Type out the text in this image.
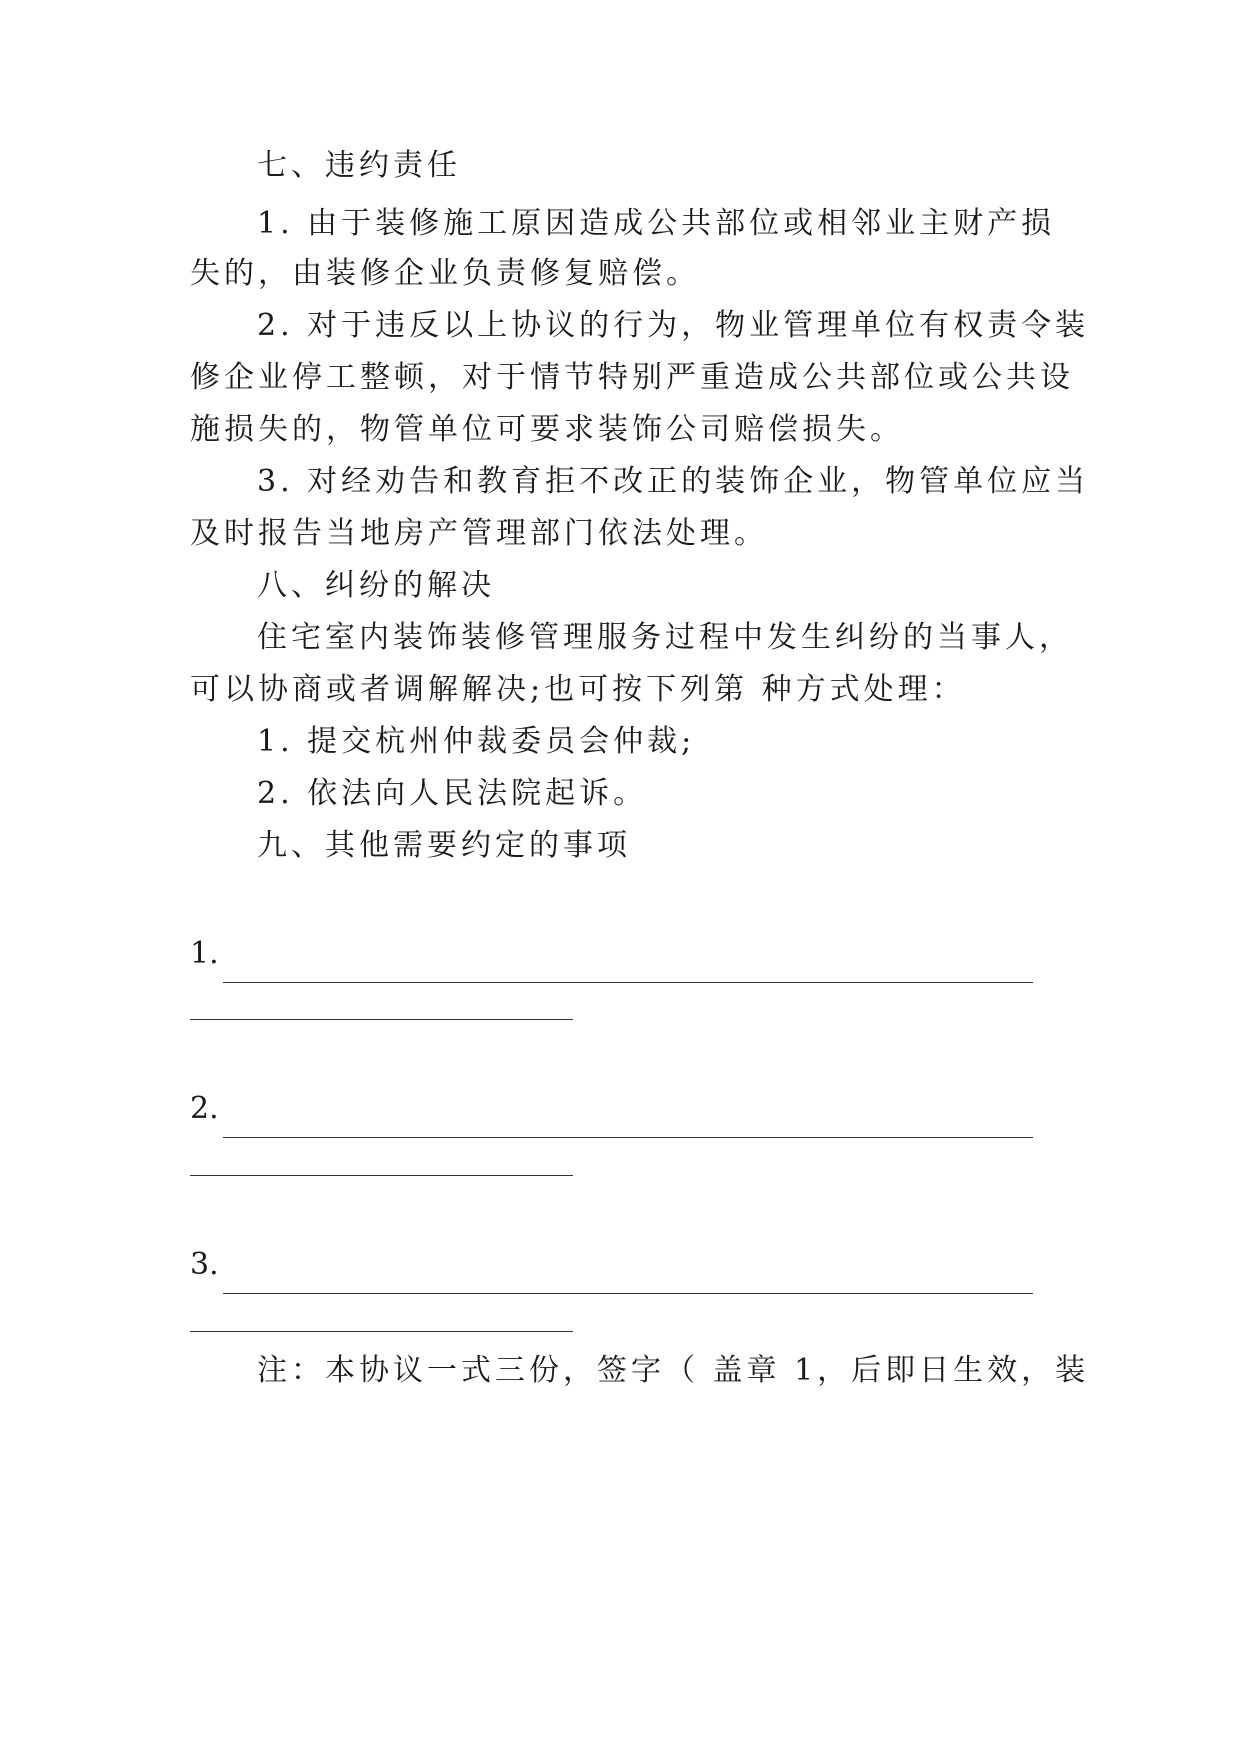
七、违约责任
1. 由于装修施工原因造成公共部位或相邻业主财产损
失的，由装修企业负责修复赔偿。
2. 对于违反以上协议的行为，物业管理单位有权责令装
修企业停工整顿，对于情节特别严重造成公共部位或公共设
施损失的，物管单位可要求装饰公司赔偿损失。
3. 对经劝告和教育拒不改正的装饰企业，物管单位应当
及时报告当地房产管理部门依法处理。
八、纠纷的解决
住宅室内装饰装修管理服务过程中发生纠纷的当事人，
可以协商或者调解解决;也可按下列第 种方式处理：
1. 提交杭州仲裁委员会仲裁;
2. 依法向人民法院起诉。
九、其他需要约定的事项
1.
2.
3.
注：本协议一式三份，签字（ 盖章 1，后即日生效，装
